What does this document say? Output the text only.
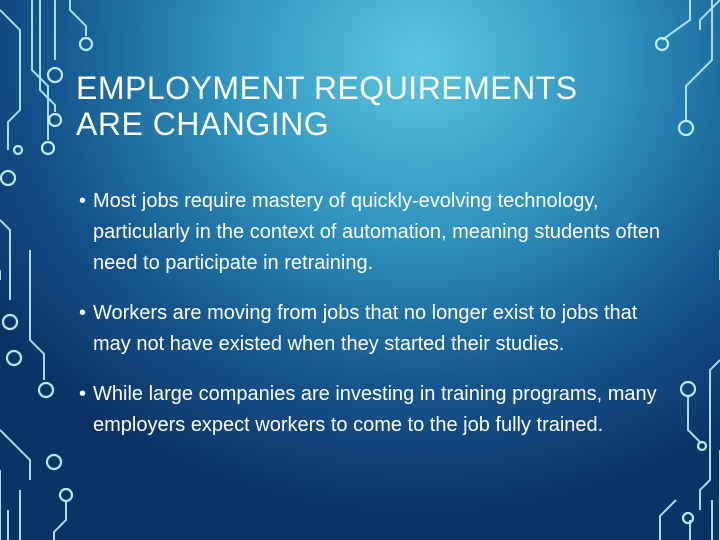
EMPLOYMENT REQUIREMENTS
ARE CHANGING
• Most jobs require mastery of quickly-evolving technology, particularly in the context of automation, meaning students often need to participate in retraining.
• Workers are moving from jobs that no longer exist to jobs that may not have existed when they started their studies.
• While large companies are investing in training programs, many employers expect workers to come to the job fully trained.
